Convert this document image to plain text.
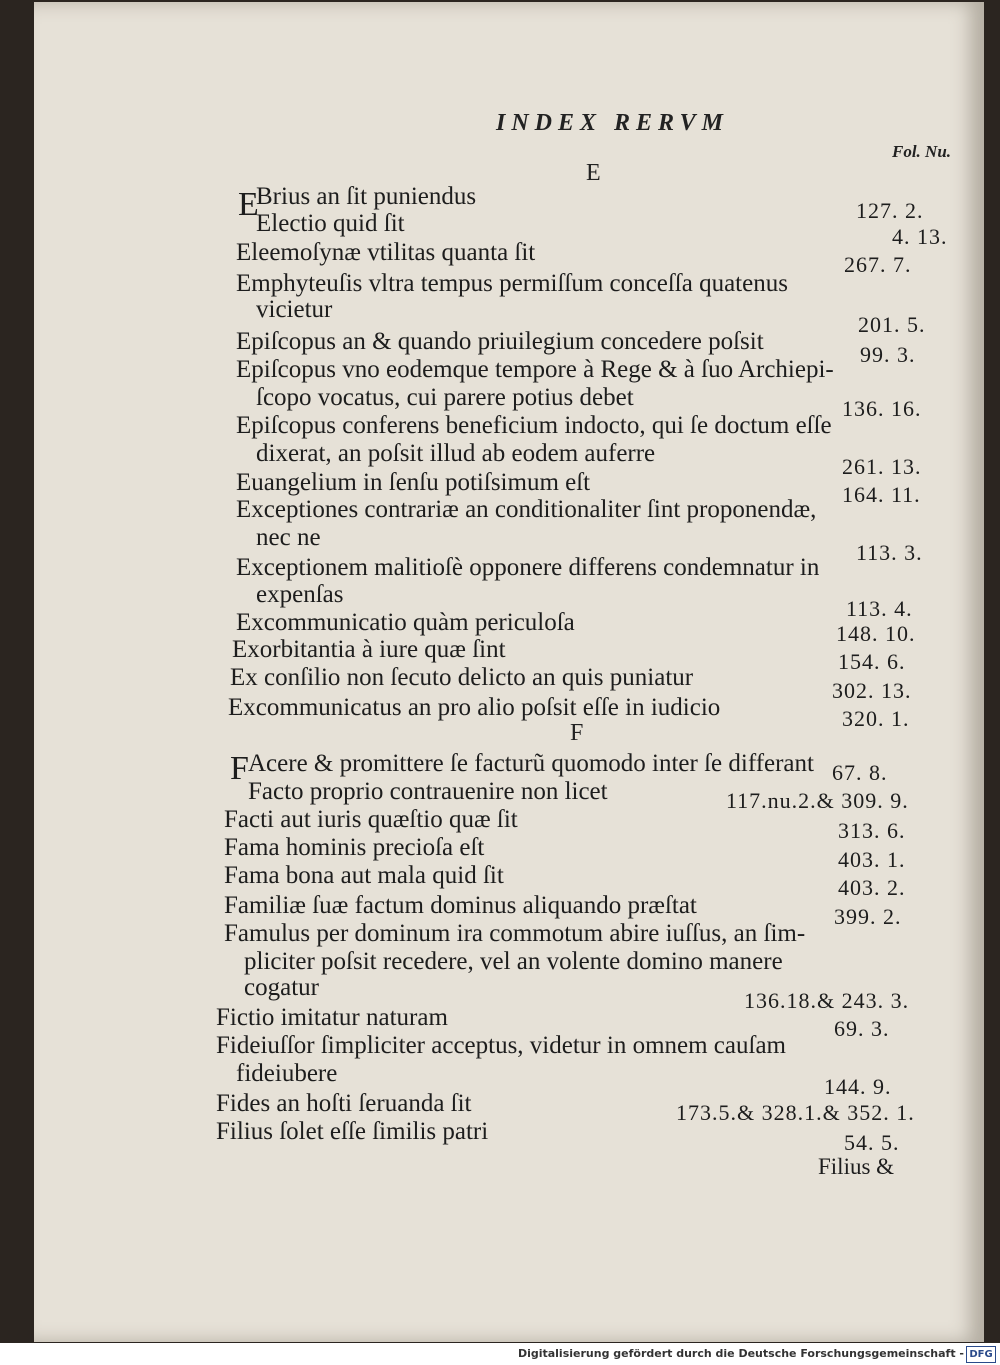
INDEX RERVM
Fol. Nu.
E
E
Brius an ſit puniendus
127. 2.
Electio quid ſit	4. 13.
Eleemoſynæ vtilitas quanta ſit	267. 7.
Emphyteuſis vltra tempus permiſſum conceſſa quatenus
vicietur
201. 5.
Epiſcopus an & quando priuilegium concedere poſsit	99. 3.
Epiſcopus vno eodemque tempore à Rege & à ſuo Archiepi-
ſcopo vocatus, cui parere potius debet	136. 16.
Epiſcopus conferens beneficium indocto, qui ſe doctum eſſe
dixerat, an poſsit illud ab eodem auferre	261. 13.
Euangelium in ſenſu potiſsimum eſt	164. 11.
Exceptiones contrariæ an conditionaliter ſint proponendæ,
nec ne
113. 3.
Exceptionem malitioſè opponere differens condemnatur in
expenſas
113. 4.
Excommunicatio quàm periculoſa	148. 10.
Exorbitantia à iure quæ ſint	154. 6.
Ex conſilio non ſecuto delicto an quis puniatur	302. 13.
Excommunicatus an pro alio poſsit eſſe in iudicio	320. 1.
F
F Acere & promittere ſe facturũ quomodo inter ſe differant 67. 8.
Facto proprio contrauenire non licet	117.nu.2.& 309. 9.
Facti aut iuris quæſtio quæ ſit	313. 6.
Fama hominis precioſa eſt	403. 1.
Fama bona aut mala quid ſit	403. 2.
Familiæ ſuæ factum dominus aliquando præſtat	399. 2.
Famulus per dominum ira commotum abire iuſſus, an ſim-
pliciter poſsit recedere, vel an volente domino manere
cogatur	136.18.& 243. 3.
Fictio imitatur naturam	69. 3.
Fideiuſſor ſimpliciter acceptus, videtur in omnem cauſam
fideiubere	144. 9.
Fides an hoſti ſeruanda ſit	173.5.& 328.1.& 352. 1.
Filius ſolet eſſe ſimilis patri	54. 5.
Filius &
Digitalisierung gefördert durch die Deutsche Forschungsgemeinschaft - DFG
